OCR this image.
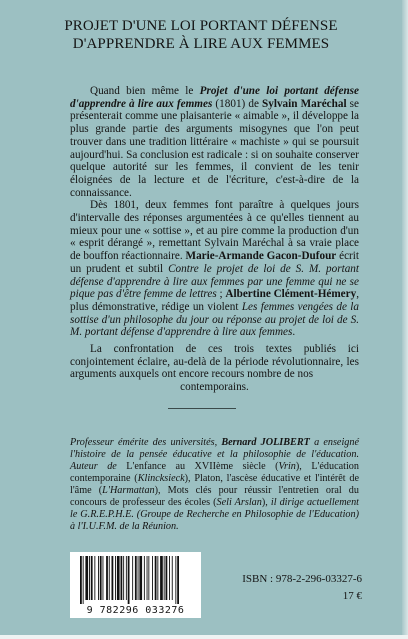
PROJET D'UNE LOI PORTANT DÉFENSE
D'APPRENDRE À LIRE AUX FEMMES

Quand bien même le Projet d'une loi portant défense d'apprendre à lire aux femmes (1801) de Sylvain Maréchal se présenterait comme une plaisanterie « aimable », il développe la plus grande partie des arguments misogynes que l'on peut trouver dans une tradition littéraire « machiste » qui se poursuit aujourd'hui. Sa conclusion est radicale : si on souhaite conserver quelque autorité sur les femmes, il convient de les tenir éloignées de la lecture et de l'écriture, c'est-à-dire de la connaissance.

Dès 1801, deux femmes font paraître à quelques jours d'intervalle des réponses argumentées à ce qu'elles tiennent au mieux pour une « sottise », et au pire comme la production d'un « esprit dérangé », remettant Sylvain Maréchal à sa vraie place de bouffon réactionnaire. Marie-Armande Gacon-Dufour écrit un prudent et subtil Contre le projet de loi de S. M. portant défense d'apprendre à lire aux femmes par une femme qui ne se pique pas d'être femme de lettres ; Albertine Clément-Hémery, plus démonstrative, rédige un violent Les femmes vengées de la sottise d'un philosophe du jour ou réponse au projet de loi de S. M. portant défense d'apprendre à lire aux femmes.

La confrontation de ces trois textes publiés ici conjointement éclaire, au-delà de la période révolutionnaire, les arguments auxquels ont encore recours nombre de nos
contemporains.

Professeur émérite des universités, Bernard JOLIBERT a enseigné l'histoire de la pensée éducative et la philosophie de l'éducation. Auteur de L'enfance au XVIIème siècle (Vrin), L'éducation contemporaine (Klincksieck), Platon, l'ascèse éducative et l'intérêt de l'âme (L'Harmattan), Mots clés pour réussir l'entretien oral du concours de professeur des écoles (Seli Arslan), il dirige actuellement le G.R.E.P.H.E. (Groupe de Recherche en Philosophie de l'Education) à l'I.U.F.M. de la Réunion.

9 782296 033276
ISBN : 978-2-296-03327-6
17 €
